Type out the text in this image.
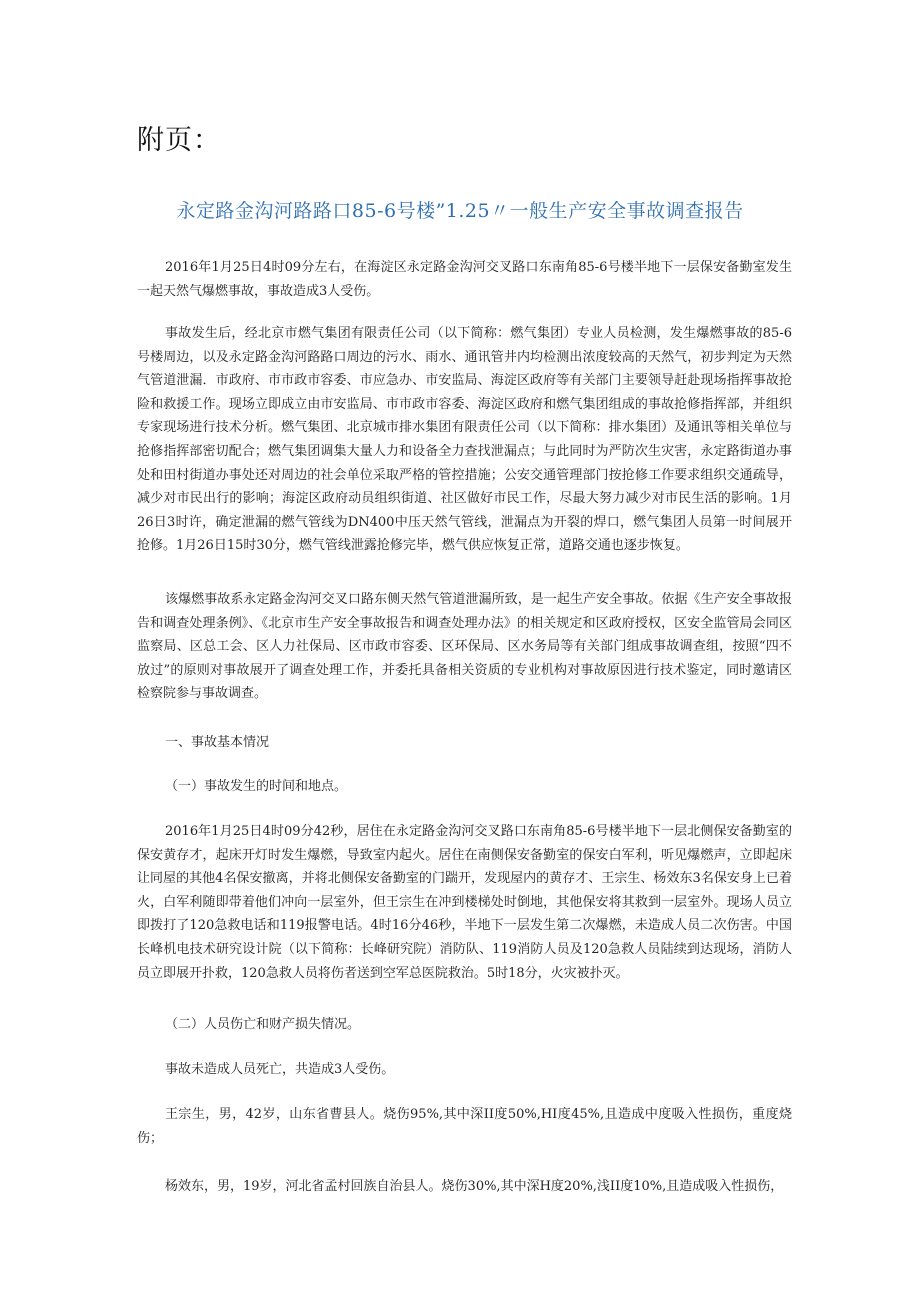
附页：
永定路金沟河路路口85-6号楼”1.25〃一般生产安全事故调查报告

2016年1月25日4时09分左右，在海淀区永定路金沟河交叉路口东南角85-6号楼半地下一层保安备勤室发生一起天然气爆燃事故，事故造成3人受伤。

事故发生后，经北京市燃气集团有限责任公司（以下简称：燃气集团）专业人员检测，发生爆燃事故的85-6号楼周边，以及永定路金沟河路路口周边的污水、雨水、通讯管井内均检测出浓度较高的天然气，初步判定为天然气管道泄漏．市政府、市市政市容委、市应急办、市安监局、海淀区政府等有关部门主要领导赶赴现场指挥事故抢险和救援工作。现场立即成立由市安监局、市市政市容委、海淀区政府和燃气集团组成的事故抢修指挥部，并组织专家现场进行技术分析。燃气集团、北京城市排水集团有限责任公司（以下简称：排水集团）及通讯等相关单位与抢修指挥部密切配合；燃气集团调集大量人力和设备全力查找泄漏点；与此同时为严防次生灾害，永定路街道办事处和田村街道办事处还对周边的社会单位采取严格的管控措施；公安交通管理部门按抢修工作要求组织交通疏导，减少对市民出行的影响；海淀区政府动员组织街道、社区做好市民工作，尽最大努力减少对市民生活的影响。1月26日3时许，确定泄漏的燃气管线为DN400中压天然气管线，泄漏点为开裂的焊口，燃气集团人员第一时间展开抢修。1月26日15时30分，燃气管线泄露抢修完毕，燃气供应恢复正常，道路交通也逐步恢复。

该爆燃事故系永定路金沟河交叉口路东侧天然气管道泄漏所致，是一起生产安全事故。依据《生产安全事故报告和调查处理条例》、《北京市生产安全事故报告和调查处理办法》的相关规定和区政府授权，区安全监管局会同区监察局、区总工会、区人力社保局、区市政市容委、区环保局、区水务局等有关部门组成事故调查组，按照“四不放过”的原则对事故展开了调查处理工作，并委托具备相关资质的专业机构对事故原因进行技术鉴定，同时邀请区检察院参与事故调查。

一、事故基本情况
（一）事故发生的时间和地点。

2016年1月25日4时09分42秒，居住在永定路金沟河交叉路口东南角85-6号楼半地下一层北侧保安备勤室的保安黄存才，起床开灯时发生爆燃，导致室内起火。居住在南侧保安备勤室的保安白军利，听见爆燃声，立即起床让同屋的其他4名保安撤离，并将北侧保安备勤室的门踹开，发现屋内的黄存才、王宗生、杨效东3名保安身上已着火，白军利随即带着他们冲向一层室外，但王宗生在冲到楼梯处时倒地，其他保安将其救到一层室外。现场人员立即拨打了120急救电话和119报警电话。4时16分46秒，半地下一层发生第二次爆燃，未造成人员二次伤害。中国长峰机电技术研究设计院（以下简称：长峰研究院）消防队、119消防人员及120急救人员陆续到达现场，消防人员立即展开扑救，120急救人员将伤者送到空军总医院救治。5时18分，火灾被扑灭。

（二）人员伤亡和财产损失情况。
事故未造成人员死亡，共造成3人受伤。

王宗生，男，42岁，山东省曹县人。烧伤95%,其中深II度50%,HI度45%,且造成中度吸入性损伤，重度烧伤；

杨效东，男，19岁，河北省孟村回族自治县人。烧伤30%,其中深H度20%,浅II度10%,且造成吸入性损伤，
